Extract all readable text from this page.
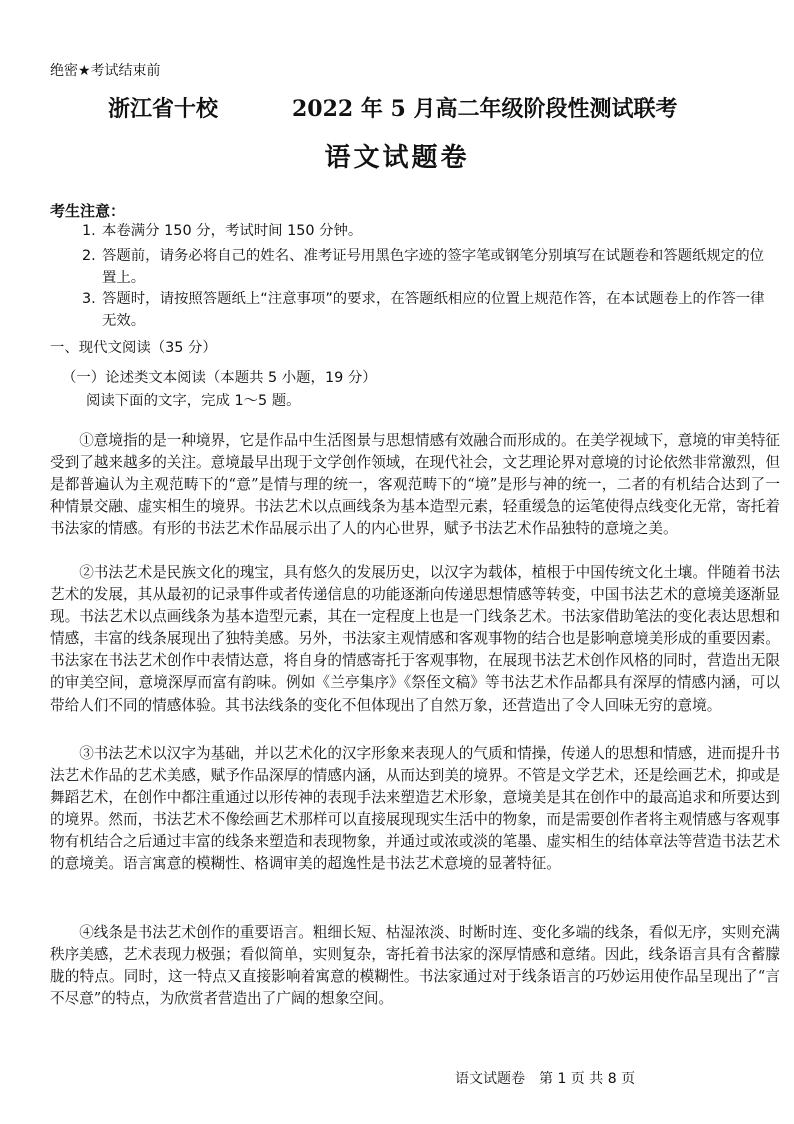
绝密★考试结束前
浙江省十校	2022 年 5 月高二年级阶段性测试联考
语文试题卷
考生注意：
1. 本卷满分 150 分，考试时间 150 分钟。
2. 答题前，请务必将自己的姓名、准考证号用黑色字迹的签字笔或钢笔分别填写在试题卷和答题纸规定的位置上。
3. 答题时，请按照答题纸上“注意事项”的要求，在答题纸相应的位置上规范作答，在本试题卷上的作答一律无效。
一、现代文阅读（35 分）
（一）论述类文本阅读（本题共 5 小题，19 分）
阅读下面的文字，完成 1～5 题。

①意境指的是一种境界，它是作品中生活图景与思想情感有效融合而形成的。在美学视域下，意境的审美特征受到了越来越多的关注。意境最早出现于文学创作领域，在现代社会，文艺理论界对意境的讨论依然非常激烈，但是都普遍认为主观范畴下的“意”是情与理的统一，客观范畴下的“境”是形与神的统一，二者的有机结合达到了一种情景交融、虚实相生的境界。书法艺术以点画线条为基本造型元素，轻重缓急的运笔使得点线变化无常，寄托着书法家的情感。有形的书法艺术作品展示出了人的内心世界，赋予书法艺术作品独特的意境之美。

②书法艺术是民族文化的瑰宝，具有悠久的发展历史，以汉字为载体，植根于中国传统文化土壤。伴随着书法艺术的发展，其从最初的记录事件或者传递信息的功能逐渐向传递思想情感等转变，中国书法艺术的意境美逐渐显现。书法艺术以点画线条为基本造型元素，其在一定程度上也是一门线条艺术。书法家借助笔法的变化表达思想和情感，丰富的线条展现出了独特美感。另外，书法家主观情感和客观事物的结合也是影响意境美形成的重要因素。书法家在书法艺术创作中表情达意，将自身的情感寄托于客观事物，在展现书法艺术创作风格的同时，营造出无限的审美空间，意境深厚而富有韵味。例如《兰亭集序》《祭侄文稿》等书法艺术作品都具有深厚的情感内涵，可以带给人们不同的情感体验。其书法线条的变化不但体现出了自然万象，还营造出了令人回味无穷的意境。

③书法艺术以汉字为基础，并以艺术化的汉字形象来表现人的气质和情操，传递人的思想和情感，进而提升书法艺术作品的艺术美感，赋予作品深厚的情感内涵，从而达到美的境界。不管是文学艺术，还是绘画艺术，抑或是舞蹈艺术，在创作中都注重通过以形传神的表现手法来塑造艺术形象，意境美是其在创作中的最高追求和所要达到的境界。然而，书法艺术不像绘画艺术那样可以直接展现现实生活中的物象，而是需要创作者将主观情感与客观事物有机结合之后通过丰富的线条来塑造和表现物象，并通过或浓或淡的笔墨、虚实相生的结体章法等营造书法艺术的意境美。语言寓意的模糊性、格调审美的超逸性是书法艺术意境的显著特征。

④线条是书法艺术创作的重要语言。粗细长短、枯湿浓淡、时断时连、变化多端的线条，看似无序，实则充满秩序美感，艺术表现力极强；看似简单，实则复杂，寄托着书法家的深厚情感和意绪。因此，线条语言具有含蓄朦胧的特点。同时，这一特点又直接影响着寓意的模糊性。书法家通过对于线条语言的巧妙运用使作品呈现出了“言不尽意”的特点，为欣赏者营造出了广阔的想象空间。

语文试题卷　第 1 页 共 8 页
